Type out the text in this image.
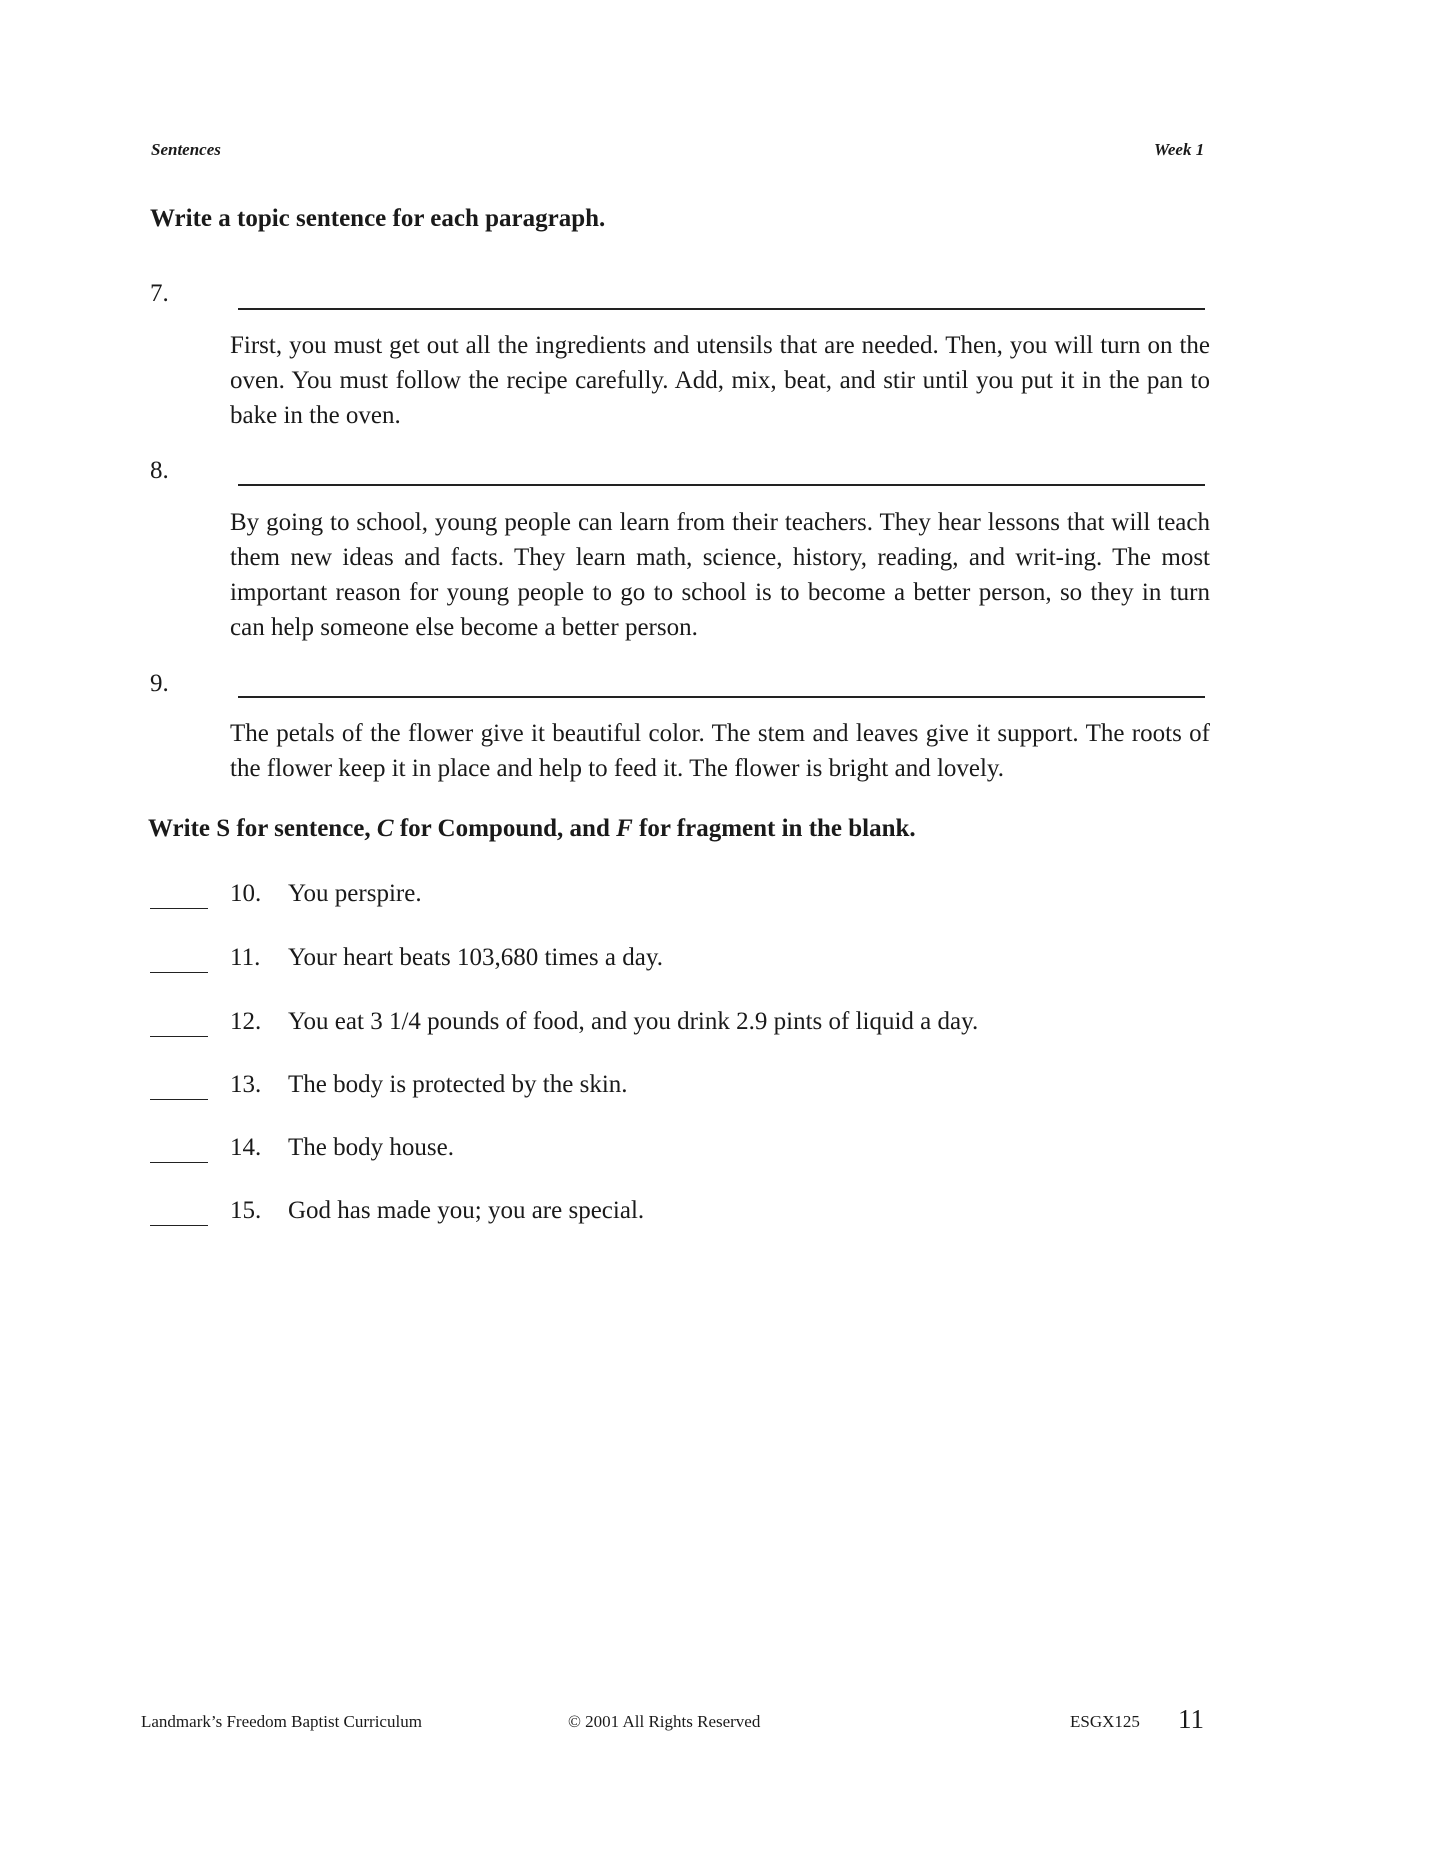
Sentences	Week 1
Write a topic sentence for each paragraph.
7.
First, you must get out all the ingredients and utensils that are needed. Then, you will turn on the oven. You must follow the recipe carefully. Add, mix, beat, and stir until you put it in the pan to bake in the oven.
8.
By going to school, young people can learn from their teachers. They hear lessons that will teach them new ideas and facts. They learn math, science, history, reading, and writ-ing. The most important reason for young people to go to school is to become a better person, so they in turn can help someone else become a better person.
9.
The petals of the flower give it beautiful color. The stem and leaves give it support. The roots of the flower keep it in place and help to feed it. The flower is bright and lovely.
Write S for sentence, C for Compound, and F for fragment in the blank.
10. You perspire.
11. Your heart beats 103,680 times a day.
12. You eat 3 1/4 pounds of food, and you drink 2.9 pints of liquid a day.
13. The body is protected by the skin.
14. The body house.
15. God has made you; you are special.
Landmark’s Freedom Baptist Curriculum	© 2001 All Rights Reserved	ESGX125 11
